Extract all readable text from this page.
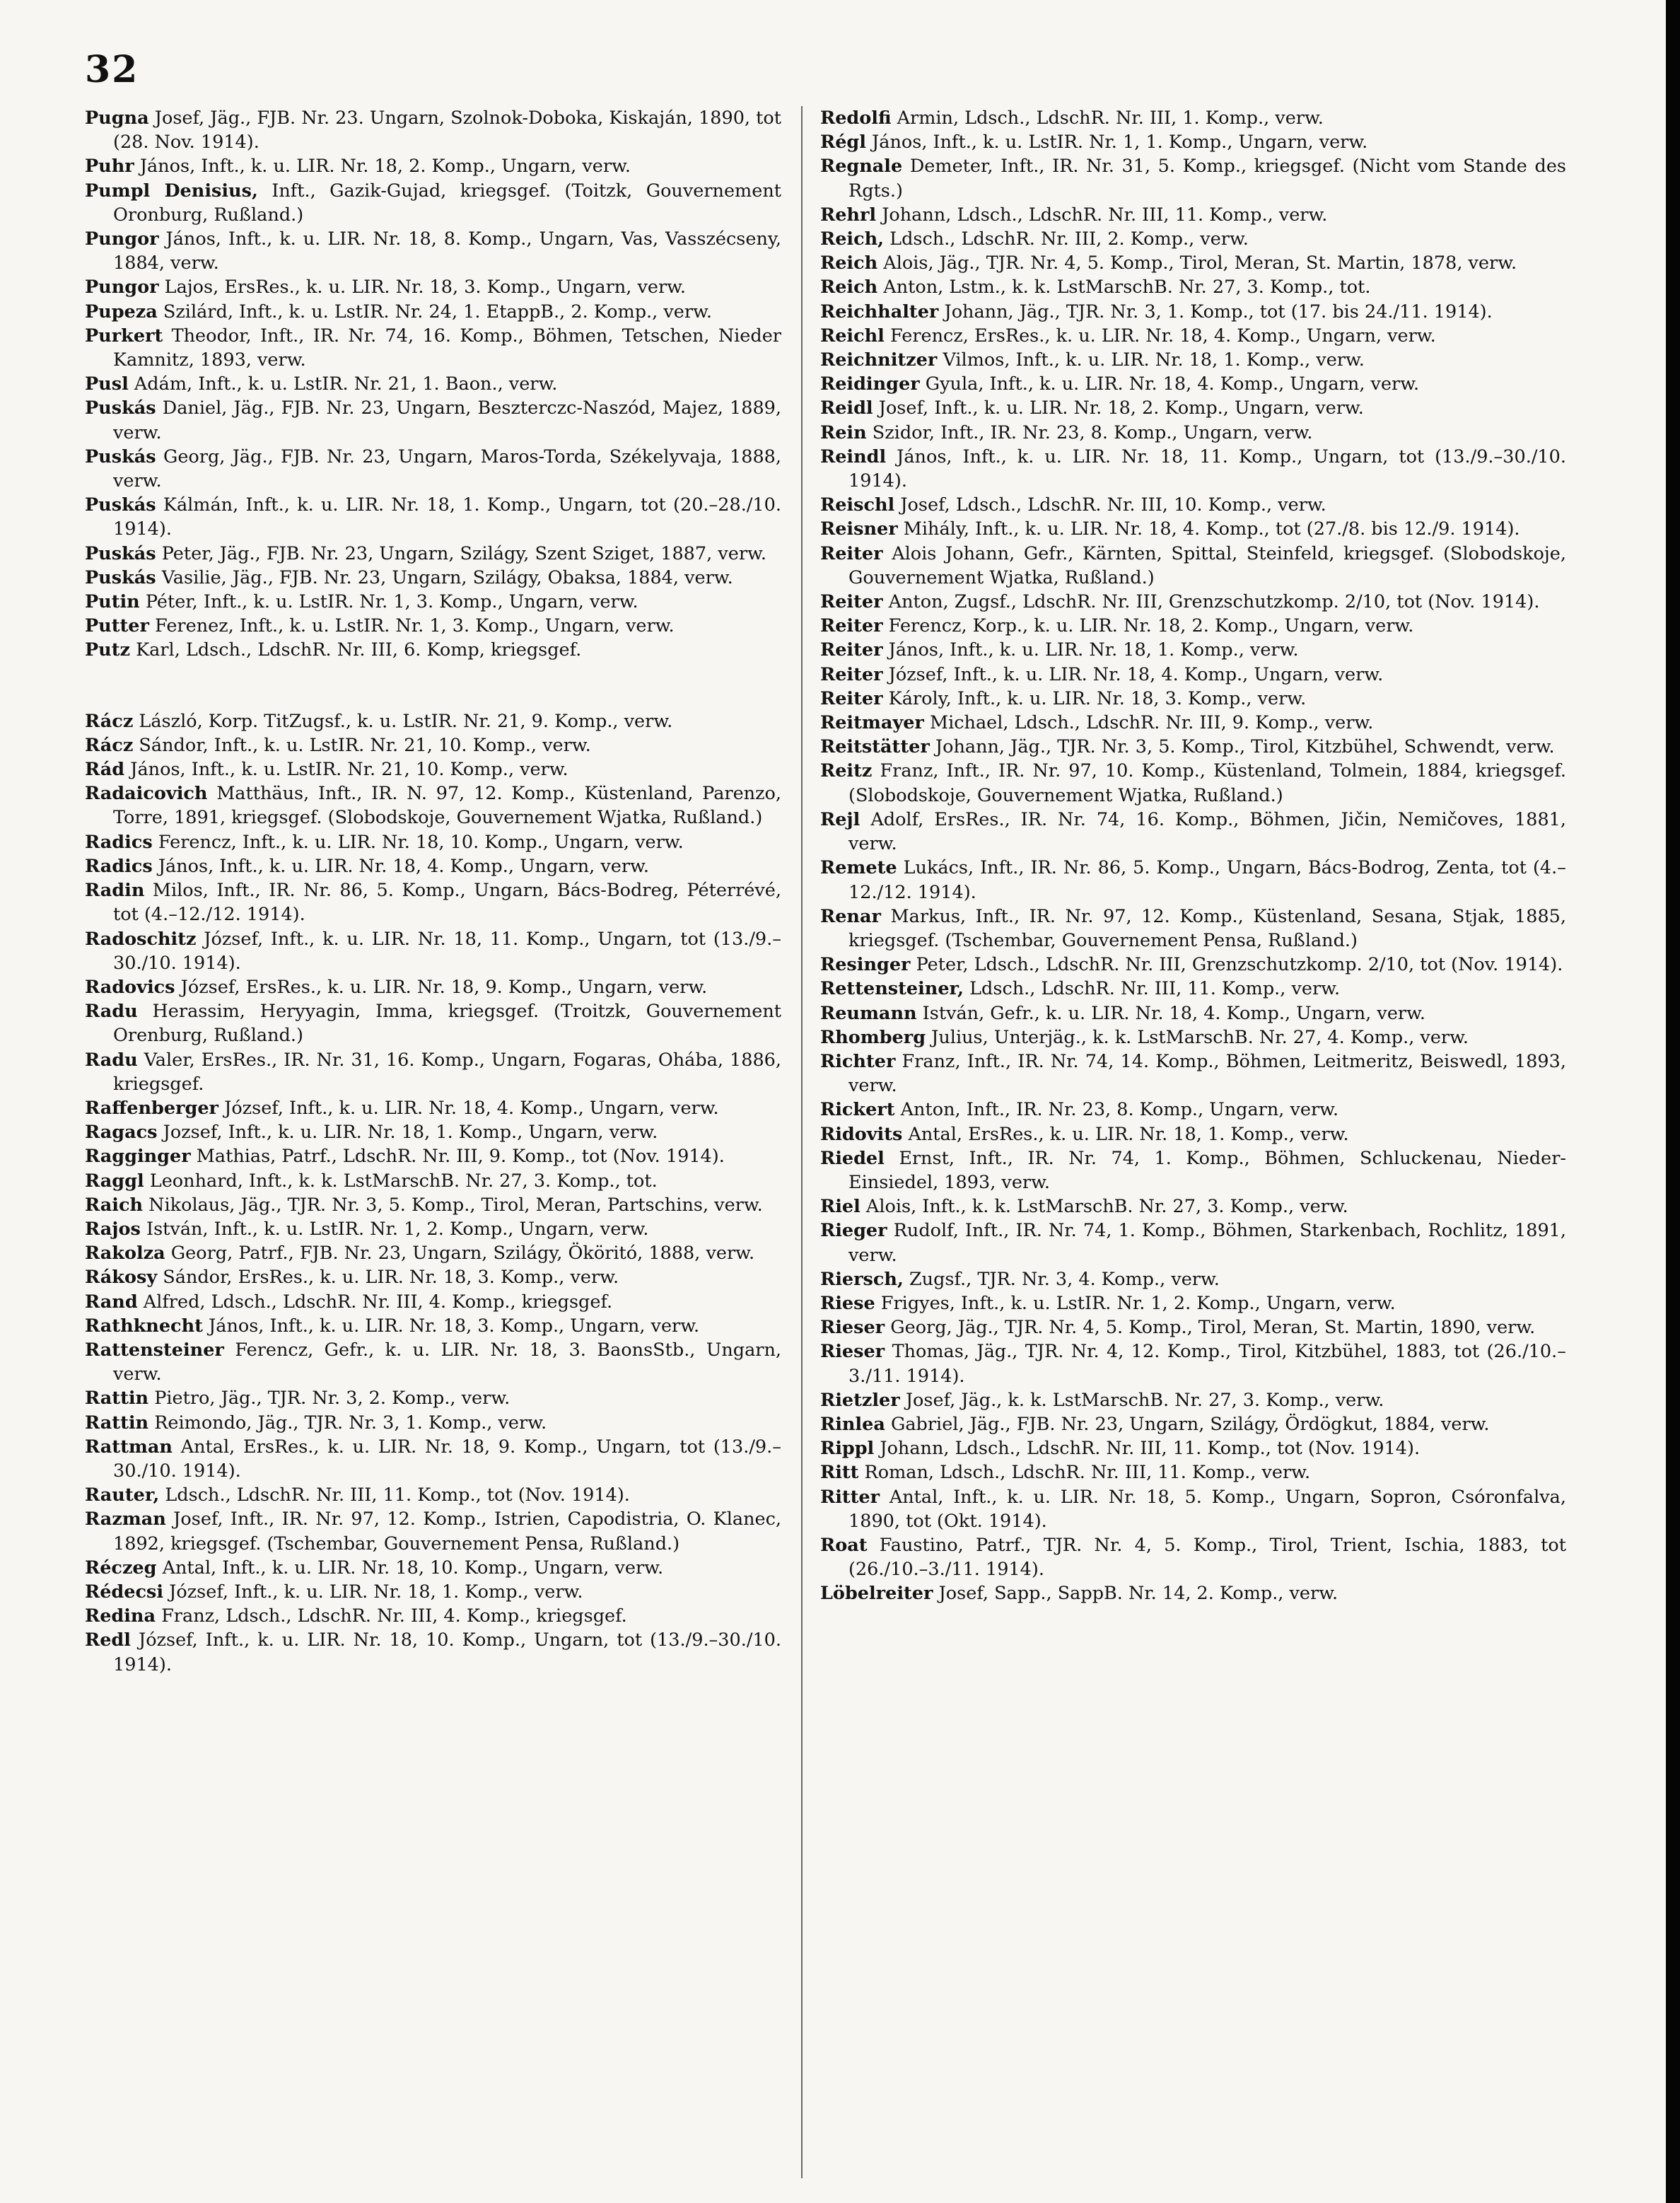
32

Pugna Josef, Jäg., FJB. Nr. 23. Ungarn, Szolnok-Doboka, Kiskaján, 1890, tot (28. Nov. 1914).

Puhr János, Inft., k. u. LIR. Nr. 18, 2. Komp., Ungarn, verw.

Pumpl Denisius, Inft., Gazik-Gujad, kriegsgef. (Toitzk, Gouvernement Oronburg, Rußland.)

Pungor János, Inft., k. u. LIR. Nr. 18, 8. Komp., Ungarn, Vas, Vasszécseny, 1884, verw.

Pungor Lajos, ErsRes., k. u. LIR. Nr. 18, 3. Komp., Ungarn, verw.

Pupeza Szilárd, Inft., k. u. LstIR. Nr. 24, 1. EtappB., 2. Komp., verw.

Purkert Theodor, Inft., IR. Nr. 74, 16. Komp., Böhmen, Tetschen, Nieder Kamnitz, 1893, verw.

Pusl Adám, Inft., k. u. LstIR. Nr. 21, 1. Baon., verw.

Puskás Daniel, Jäg., FJB. Nr. 23, Ungarn, Beszterczc-Naszód, Majez, 1889, verw.

Puskás Georg, Jäg., FJB. Nr. 23, Ungarn, Maros-Torda, Székelyvaja, 1888, verw.

Puskás Kálmán, Inft., k. u. LIR. Nr. 18, 1. Komp., Ungarn, tot (20.–28./10. 1914).

Puskás Peter, Jäg., FJB. Nr. 23, Ungarn, Szilágy, Szent Sziget, 1887, verw.

Puskás Vasilie, Jäg., FJB. Nr. 23, Ungarn, Szilágy, Obaksa, 1884, verw.

Putin Péter, Inft., k. u. LstIR. Nr. 1, 3. Komp., Ungarn, verw.

Putter Ferenez, Inft., k. u. LstIR. Nr. 1, 3. Komp., Ungarn, verw.

Putz Karl, Ldsch., LdschR. Nr. III, 6. Komp, kriegsgef.

Rácz László, Korp. TitZugsf., k. u. LstIR. Nr. 21, 9. Komp., verw.

Rácz Sándor, Inft., k. u. LstIR. Nr. 21, 10. Komp., verw.

Rád János, Inft., k. u. LstIR. Nr. 21, 10. Komp., verw.

Radaicovich Matthäus, Inft., IR. N. 97, 12. Komp., Küstenland, Parenzo, Torre, 1891, kriegsgef. (Slobodskoje, Gouvernement Wjatka, Rußland.)

Radics Ferencz, Inft., k. u. LIR. Nr. 18, 10. Komp., Ungarn, verw.

Radics János, Inft., k. u. LIR. Nr. 18, 4. Komp., Ungarn, verw.

Radin Milos, Inft., IR. Nr. 86, 5. Komp., Ungarn, Bács-Bodreg, Péterrévé, tot (4.–12./12. 1914).

Radoschitz József, Inft., k. u. LIR. Nr. 18, 11. Komp., Ungarn, tot (13./9.–30./10. 1914).

Radovics József, ErsRes., k. u. LIR. Nr. 18, 9. Komp., Ungarn, verw.

Radu Herassim, Heryyagin, Imma, kriegsgef. (Troitzk, Gouvernement Orenburg, Rußland.)

Radu Valer, ErsRes., IR. Nr. 31, 16. Komp., Ungarn, Fogaras, Ohába, 1886, kriegsgef.

Raffenberger József, Inft., k. u. LIR. Nr. 18, 4. Komp., Ungarn, verw.

Ragacs Jozsef, Inft., k. u. LIR. Nr. 18, 1. Komp., Ungarn, verw.

Ragginger Mathias, Patrf., LdschR. Nr. III, 9. Komp., tot (Nov. 1914).

Raggl Leonhard, Inft., k. k. LstMarschB. Nr. 27, 3. Komp., tot.

Raich Nikolaus, Jäg., TJR. Nr. 3, 5. Komp., Tirol, Meran, Partschins, verw.

Rajos István, Inft., k. u. LstIR. Nr. 1, 2. Komp., Ungarn, verw.

Rakolza Georg, Patrf., FJB. Nr. 23, Ungarn, Szilágy, Ököritó, 1888, verw.

Rákosy Sándor, ErsRes., k. u. LIR. Nr. 18, 3. Komp., verw.

Rand Alfred, Ldsch., LdschR. Nr. III, 4. Komp., kriegsgef.

Rathknecht János, Inft., k. u. LIR. Nr. 18, 3. Komp., Ungarn, verw.

Rattensteiner Ferencz, Gefr., k. u. LIR. Nr. 18, 3. BaonsStb., Ungarn, verw.

Rattin Pietro, Jäg., TJR. Nr. 3, 2. Komp., verw.

Rattin Reimondo, Jäg., TJR. Nr. 3, 1. Komp., verw.

Rattman Antal, ErsRes., k. u. LIR. Nr. 18, 9. Komp., Ungarn, tot (13./9.–30./10. 1914).

Rauter, Ldsch., LdschR. Nr. III, 11. Komp., tot (Nov. 1914).

Razman Josef, Inft., IR. Nr. 97, 12. Komp., Istrien, Capodistria, O. Klanec, 1892, kriegsgef. (Tschembar, Gouvernement Pensa, Rußland.)

Réczeg Antal, Inft., k. u. LIR. Nr. 18, 10. Komp., Ungarn, verw.

Rédecsi József, Inft., k. u. LIR. Nr. 18, 1. Komp., verw.

Redina Franz, Ldsch., LdschR. Nr. III, 4. Komp., kriegsgef.

Redl József, Inft., k. u. LIR. Nr. 18, 10. Komp., Ungarn, tot (13./9.–30./10. 1914).

Redolfi Armin, Ldsch., LdschR. Nr. III, 1. Komp., verw.

Régl János, Inft., k. u. LstIR. Nr. 1, 1. Komp., Ungarn, verw.

Regnale Demeter, Inft., IR. Nr. 31, 5. Komp., kriegsgef. (Nicht vom Stande des Rgts.)

Rehrl Johann, Ldsch., LdschR. Nr. III, 11. Komp., verw.

Reich, Ldsch., LdschR. Nr. III, 2. Komp., verw.

Reich Alois, Jäg., TJR. Nr. 4, 5. Komp., Tirol, Meran, St. Martin, 1878, verw.

Reich Anton, Lstm., k. k. LstMarschB. Nr. 27, 3. Komp., tot.

Reichhalter Johann, Jäg., TJR. Nr. 3, 1. Komp., tot (17. bis 24./11. 1914).

Reichl Ferencz, ErsRes., k. u. LIR. Nr. 18, 4. Komp., Ungarn, verw.

Reichnitzer Vilmos, Inft., k. u. LIR. Nr. 18, 1. Komp., verw.

Reidinger Gyula, Inft., k. u. LIR. Nr. 18, 4. Komp., Ungarn, verw.

Reidl Josef, Inft., k. u. LIR. Nr. 18, 2. Komp., Ungarn, verw.

Rein Szidor, Inft., IR. Nr. 23, 8. Komp., Ungarn, verw.

Reindl János, Inft., k. u. LIR. Nr. 18, 11. Komp., Ungarn, tot (13./9.–30./10. 1914).

Reischl Josef, Ldsch., LdschR. Nr. III, 10. Komp., verw.

Reisner Mihály, Inft., k. u. LIR. Nr. 18, 4. Komp., tot (27./8. bis 12./9. 1914).

Reiter Alois Johann, Gefr., Kärnten, Spittal, Steinfeld, kriegsgef. (Slobodskoje, Gouvernement Wjatka, Rußland.)

Reiter Anton, Zugsf., LdschR. Nr. III, Grenzschutzkomp. 2/10, tot (Nov. 1914).

Reiter Ferencz, Korp., k. u. LIR. Nr. 18, 2. Komp., Ungarn, verw.

Reiter János, Inft., k. u. LIR. Nr. 18, 1. Komp., verw.

Reiter József, Inft., k. u. LIR. Nr. 18, 4. Komp., Ungarn, verw.

Reiter Károly, Inft., k. u. LIR. Nr. 18, 3. Komp., verw.

Reitmayer Michael, Ldsch., LdschR. Nr. III, 9. Komp., verw.

Reitstätter Johann, Jäg., TJR. Nr. 3, 5. Komp., Tirol, Kitzbühel, Schwendt, verw.

Reitz Franz, Inft., IR. Nr. 97, 10. Komp., Küstenland, Tolmein, 1884, kriegsgef. (Slobodskoje, Gouvernement Wjatka, Rußland.)

Rejl Adolf, ErsRes., IR. Nr. 74, 16. Komp., Böhmen, Jičin, Nemičoves, 1881, verw.

Remete Lukács, Inft., IR. Nr. 86, 5. Komp., Ungarn, Bács-Bodrog, Zenta, tot (4.–12./12. 1914).

Renar Markus, Inft., IR. Nr. 97, 12. Komp., Küstenland, Sesana, Stjak, 1885, kriegsgef. (Tschembar, Gouvernement Pensa, Rußland.)

Resinger Peter, Ldsch., LdschR. Nr. III, Grenzschutzkomp. 2/10, tot (Nov. 1914).

Rettensteiner, Ldsch., LdschR. Nr. III, 11. Komp., verw.

Reumann István, Gefr., k. u. LIR. Nr. 18, 4. Komp., Ungarn, verw.

Rhomberg Julius, Unterjäg., k. k. LstMarschB. Nr. 27, 4. Komp., verw.

Richter Franz, Inft., IR. Nr. 74, 14. Komp., Böhmen, Leitmeritz, Beiswedl, 1893, verw.

Rickert Anton, Inft., IR. Nr. 23, 8. Komp., Ungarn, verw.

Ridovits Antal, ErsRes., k. u. LIR. Nr. 18, 1. Komp., verw.

Riedel Ernst, Inft., IR. Nr. 74, 1. Komp., Böhmen, Schluckenau, Nieder-Einsiedel, 1893, verw.

Riel Alois, Inft., k. k. LstMarschB. Nr. 27, 3. Komp., verw.

Rieger Rudolf, Inft., IR. Nr. 74, 1. Komp., Böhmen, Starkenbach, Rochlitz, 1891, verw.

Riersch, Zugsf., TJR. Nr. 3, 4. Komp., verw.

Riese Frigyes, Inft., k. u. LstIR. Nr. 1, 2. Komp., Ungarn, verw.

Rieser Georg, Jäg., TJR. Nr. 4, 5. Komp., Tirol, Meran, St. Martin, 1890, verw.

Rieser Thomas, Jäg., TJR. Nr. 4, 12. Komp., Tirol, Kitzbühel, 1883, tot (26./10.–3./11. 1914).

Rietzler Josef, Jäg., k. k. LstMarschB. Nr. 27, 3. Komp., verw.

Rinlea Gabriel, Jäg., FJB. Nr. 23, Ungarn, Szilágy, Ördögkut, 1884, verw.

Rippl Johann, Ldsch., LdschR. Nr. III, 11. Komp., tot (Nov. 1914).

Ritt Roman, Ldsch., LdschR. Nr. III, 11. Komp., verw.

Ritter Antal, Inft., k. u. LIR. Nr. 18, 5. Komp., Ungarn, Sopron, Csóronfalva, 1890, tot (Okt. 1914).

Roat Faustino, Patrf., TJR. Nr. 4, 5. Komp., Tirol, Trient, Ischia, 1883, tot (26./10.–3./11. 1914).

Löbelreiter Josef, Sapp., SappB. Nr. 14, 2. Komp., verw.
